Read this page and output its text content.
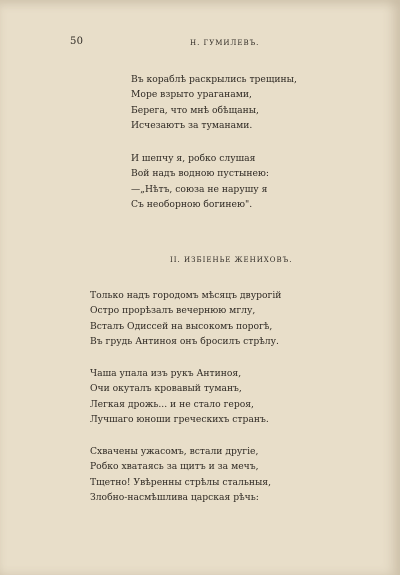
50	Н. ГУМИЛЕВЪ.
Въ кораблѣ раскрылись трещины,
Море взрыто ураганами,
Берега, что мнѣ обѣщаны,
Исчезаютъ за туманами.
И шепчу я, робко слушая
Вой надъ водною пустынею:
—„Нѣтъ, союза не нарушу я
Съ необорною богинею".
II. ИЗБІЕНЬЕ ЖЕНИХОВЪ.
Только надъ городомъ мѣсяцъ двурогій
Остро прорѣзалъ вечернюю мглу,
Всталъ Одиссей на высокомъ порогѣ,
Въ грудь Антиноя онъ бросилъ стрѣлу.
Чаша упала изъ рукъ Антиноя,
Очи окуталъ кровавый туманъ,
Легкая дрожь... и не стало героя,
Лучшаго юноши греческихъ странъ.
Схвачены ужасомъ, встали другіе,
Робко хватаясь за щитъ и за мечъ,
Тщетно! Увѣренны стрѣлы стальныя,
Злобно-насмѣшлива царская рѣчь:
